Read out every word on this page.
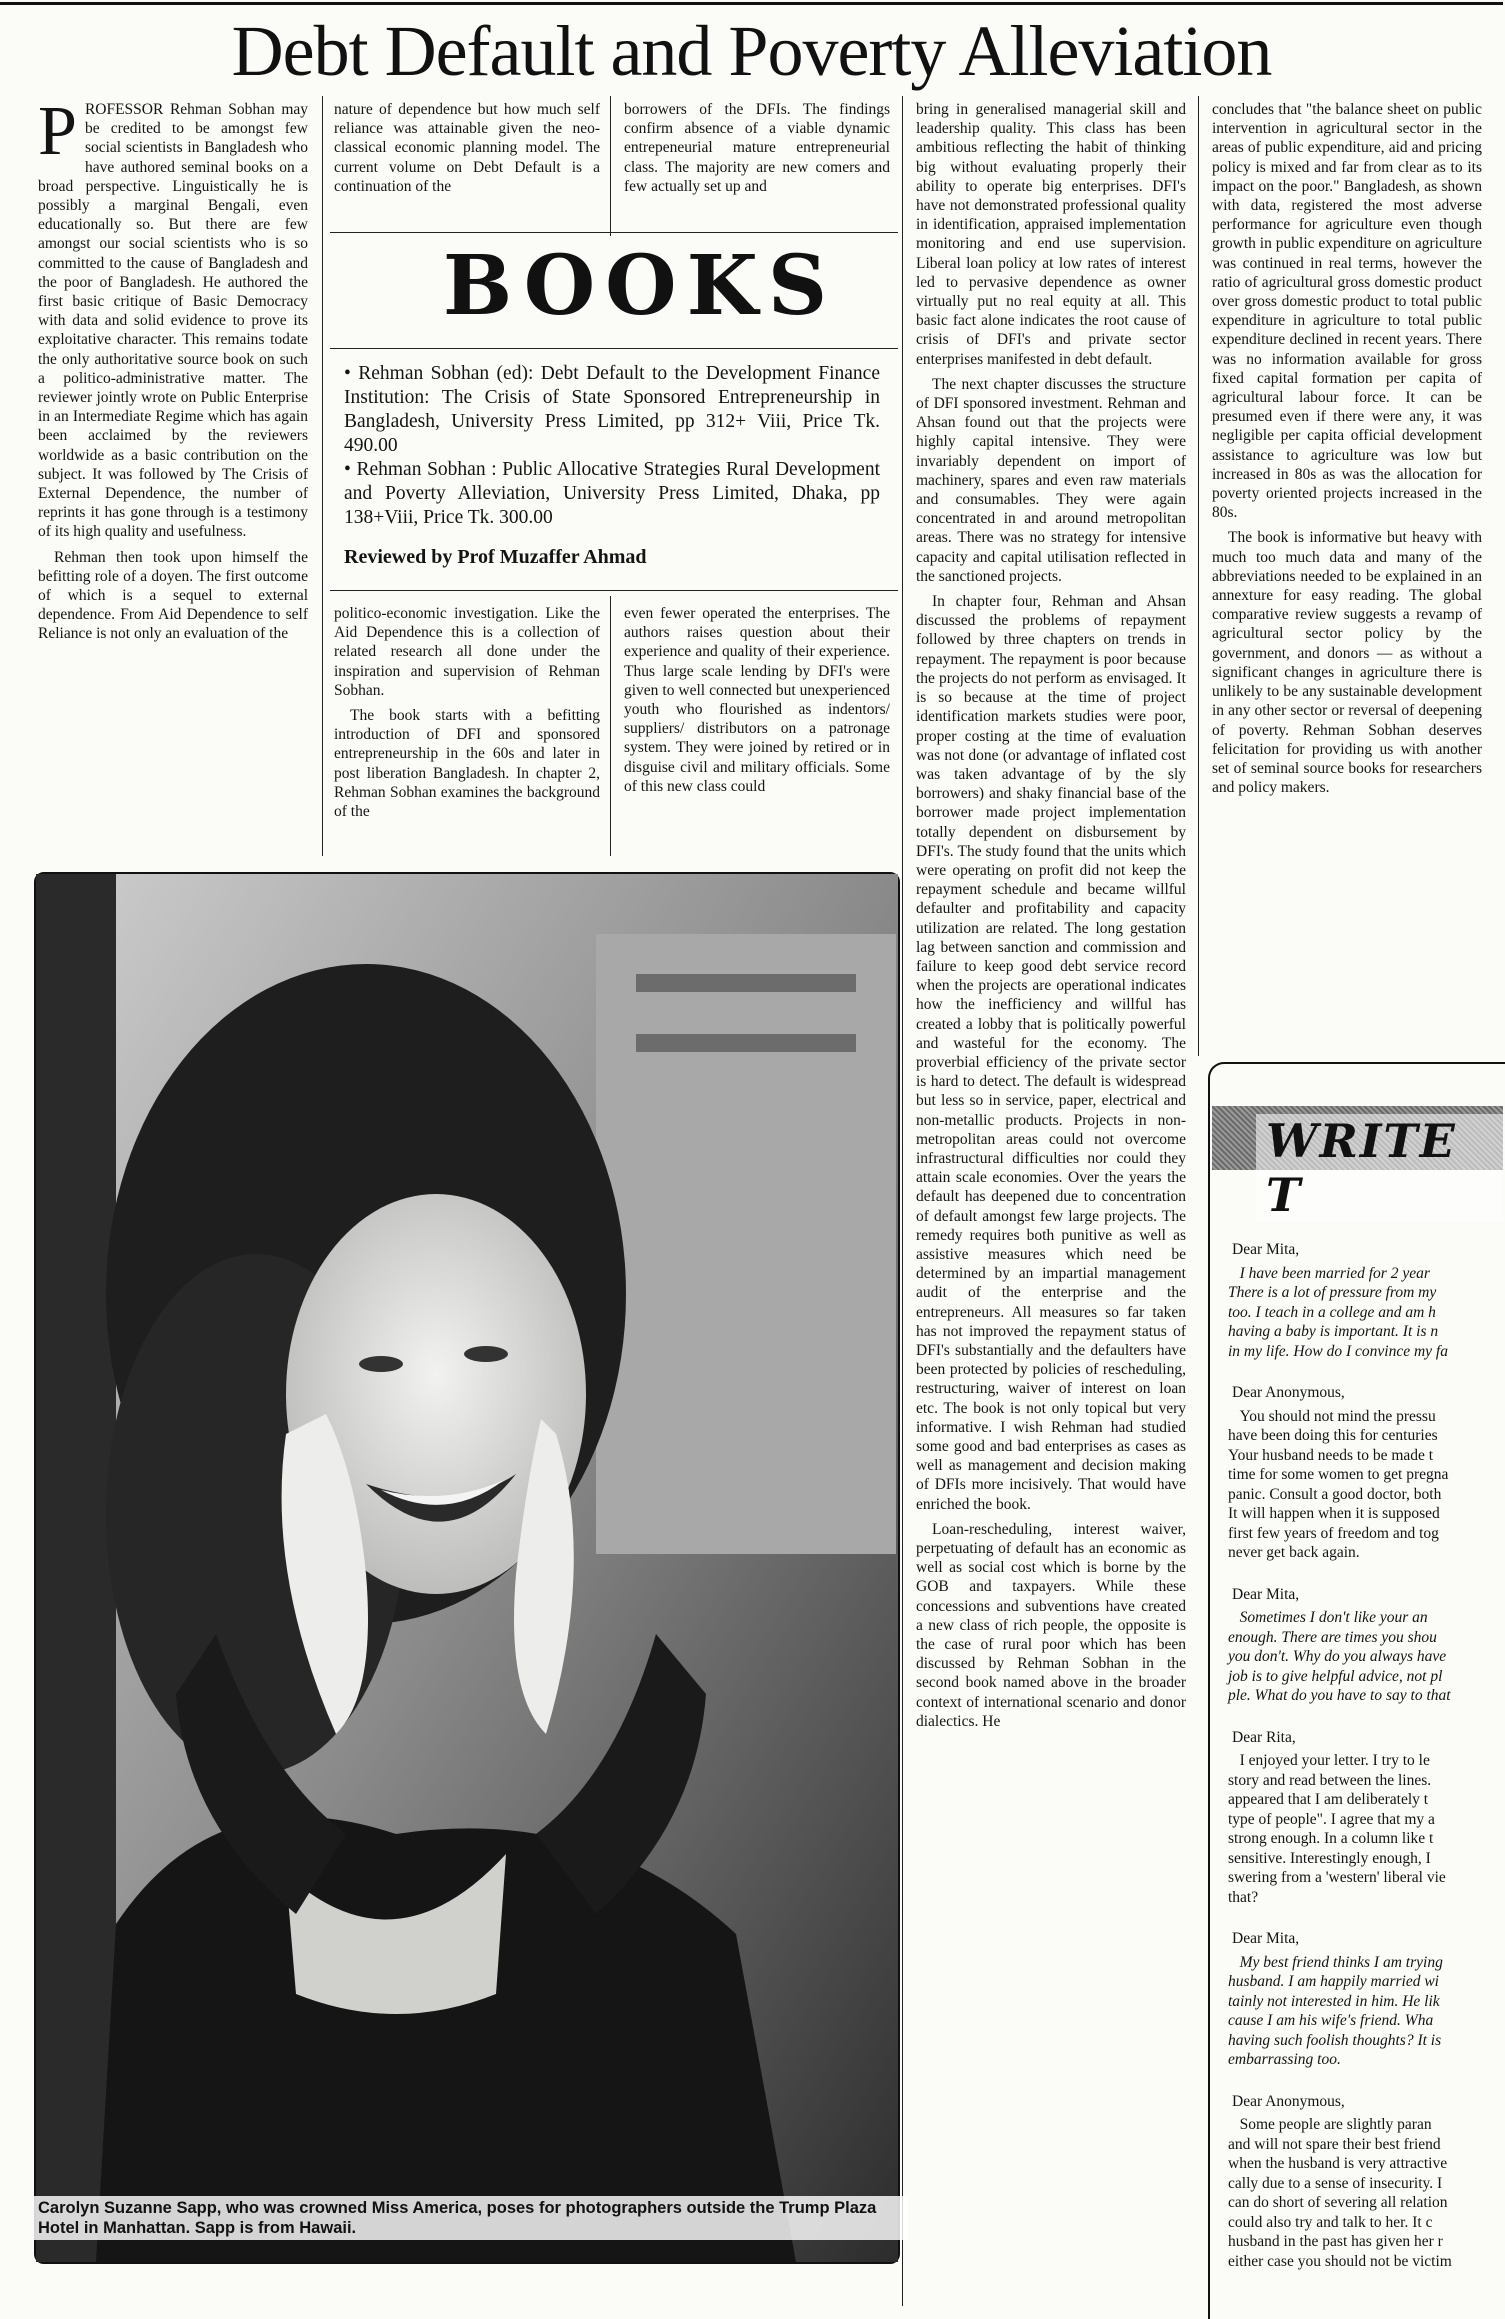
Debt Default and Poverty Alleviation

P ROFESSOR Rehman Sobhan may be credited to be amongst few social scientists in Bangladesh who have authored seminal books on a broad perspective. Linguistically he is possibly a marginal Bengali, even educationally so. But there are few amongst our social scientists who is so committed to the cause of Bangladesh and the poor of Bangladesh. He authored the first basic critique of Basic Democracy with data and solid evidence to prove its exploitative character. This remains todate the only authoritative source book on such a politico-administrative matter. The reviewer jointly wrote on Public Enterprise in an Intermediate Regime which has again been acclaimed by the reviewers worldwide as a basic contribution on the subject. It was followed by The Crisis of External Dependence, the number of reprints it has gone through is a testimony of its high quality and usefulness.

Rehman then took upon himself the befitting role of a doyen. The first outcome of which is a sequel to external dependence. From Aid Dependence to self Reliance is not only an evaluation of the

nature of dependence but how much self reliance was attainable given the neo-classical economic planning model. The current volume on Debt Default is a continuation of the

borrowers of the DFIs. The findings confirm absence of a viable dynamic entrepeneurial mature entrepreneurial class. The majority are new comers and few actually set up and

BOOKS

• Rehman Sobhan (ed): Debt Default to the Development Finance Institution: The Crisis of State Sponsored Entrepreneurship in Bangladesh, University Press Limited, pp 312+ Viii, Price Tk. 490.00

• Rehman Sobhan : Public Allocative Strategies Rural Development and Poverty Alleviation, University Press Limited, Dhaka, pp 138+Viii, Price Tk. 300.00

Reviewed by Prof Muzaffer Ahmad

politico-economic investigation. Like the Aid Dependence this is a collection of related research all done under the inspiration and supervision of Rehman Sobhan.

The book starts with a befitting introduction of DFI and sponsored entrepreneurship in the 60s and later in post liberation Bangladesh. In chapter 2, Rehman Sobhan examines the background of the

even fewer operated the enterprises. The authors raises question about their experience and quality of their experience. Thus large scale lending by DFI's were given to well connected but unexperienced youth who flourished as indentors/ suppliers/ distributors on a patronage system. They were joined by retired or in disguise civil and military officials. Some of this new class could

bring in generalised managerial skill and leadership quality. This class has been ambitious reflecting the habit of thinking big without evaluating properly their ability to operate big enterprises. DFI's have not demonstrated professional quality in identification, appraised implementation monitoring and end use supervision. Liberal loan policy at low rates of interest led to pervasive dependence as owner virtually put no real equity at all. This basic fact alone indicates the root cause of crisis of DFI's and private sector enterprises manifested in debt default.

The next chapter discusses the structure of DFI sponsored investment. Rehman and Ahsan found out that the projects were highly capital intensive. They were invariably dependent on import of machinery, spares and even raw materials and consumables. They were again concentrated in and around metropolitan areas. There was no strategy for intensive capacity and capital utilisation reflected in the sanctioned projects.

In chapter four, Rehman and Ahsan discussed the problems of repayment followed by three chapters on trends in repayment. The repayment is poor because the projects do not perform as envisaged. It is so because at the time of project identification markets studies were poor, proper costing at the time of evaluation was not done (or advantage of inflated cost was taken advantage of by the sly borrowers) and shaky financial base of the borrower made project implementation totally dependent on disbursement by DFI's. The study found that the units which were operating on profit did not keep the repayment schedule and became willful defaulter and profitability and capacity utilization are related. The long gestation lag between sanction and commission and failure to keep good debt service record when the projects are operational indicates how the inefficiency and willful has created a lobby that is politically powerful and wasteful for the economy. The proverbial efficiency of the private sector is hard to detect. The default is widespread but less so in service, paper, electrical and non-metallic products. Projects in non-metropolitan areas could not overcome infrastructural difficulties nor could they attain scale economies. Over the years the default has deepened due to concentration of default amongst few large projects. The remedy requires both punitive as well as assistive measures which need be determined by an impartial management audit of the enterprise and the entrepreneurs. All measures so far taken has not improved the repayment status of DFI's substantially and the defaulters have been protected by policies of rescheduling, restructuring, waiver of interest on loan etc. The book is not only topical but very informative. I wish Rehman had studied some good and bad enterprises as cases as well as management and decision making of DFIs more incisively. That would have enriched the book.

Loan-rescheduling, interest waiver, perpetuating of default has an economic as well as social cost which is borne by the GOB and taxpayers. While these concessions and subventions have created a new class of rich people, the opposite is the case of rural poor which has been discussed by Rehman Sobhan in the second book named above in the broader context of international scenario and donor dialectics. He

concludes that "the balance sheet on public intervention in agricultural sector in the areas of public expenditure, aid and pricing policy is mixed and far from clear as to its impact on the poor." Bangladesh, as shown with data, registered the most adverse performance for agriculture even though growth in public expenditure on agriculture was continued in real terms, however the ratio of agricultural gross domestic product over gross domestic product to total public expenditure in agriculture to total public expenditure declined in recent years. There was no information available for gross fixed capital formation per capita of agricultural labour force. It can be presumed even if there were any, it was negligible per capita official development assistance to agriculture was low but increased in 80s as was the allocation for poverty oriented projects increased in the 80s.

The book is informative but heavy with much too much data and many of the abbreviations needed to be explained in an annexture for easy reading. The global comparative review suggests a revamp of agricultural sector policy by the government, and donors — as without a significant changes in agriculture there is unlikely to be any sustainable development in any other sector or reversal of deepening of poverty. Rehman Sobhan deserves felicitation for providing us with another set of seminal source books for researchers and policy makers.

Carolyn Suzanne Sapp, who was crowned Miss America, poses for photographers outside the Trump Plaza Hotel in Manhattan. Sapp is from Hawaii.
WRITE T
Dear Mita,
I have been married for 2 year
There is a lot of pressure from my
too. I teach in a college and am h
having a baby is important. It is n
in my life. How do I convince my fa
Dear Anonymous,
You should not mind the pressu
have been doing this for centuries
Your husband needs to be made t
time for some women to get pregna
panic. Consult a good doctor, both
It will happen when it is supposed
first few years of freedom and tog
never get back again.
Dear Mita,
Sometimes I don't like your an
enough. There are times you shou
you don't. Why do you always have
job is to give helpful advice, not pl
ple. What do you have to say to that
Dear Rita,
I enjoyed your letter. I try to le
story and read between the lines.
appeared that I am deliberately t
type of people". I agree that my a
strong enough. In a column like t
sensitive. Interestingly enough, I
swering from a 'western' liberal vie
that?
Dear Mita,
My best friend thinks I am trying
husband. I am happily married wi
tainly not interested in him. He lik
cause I am his wife's friend. Wha
having such foolish thoughts? It is
embarrassing too.
Dear Anonymous,
Some people are slightly paran
and will not spare their best friend
when the husband is very attractive
cally due to a sense of insecurity. I
can do short of severing all relation
could also try and talk to her. It c
husband in the past has given her r
either case you should not be victim
